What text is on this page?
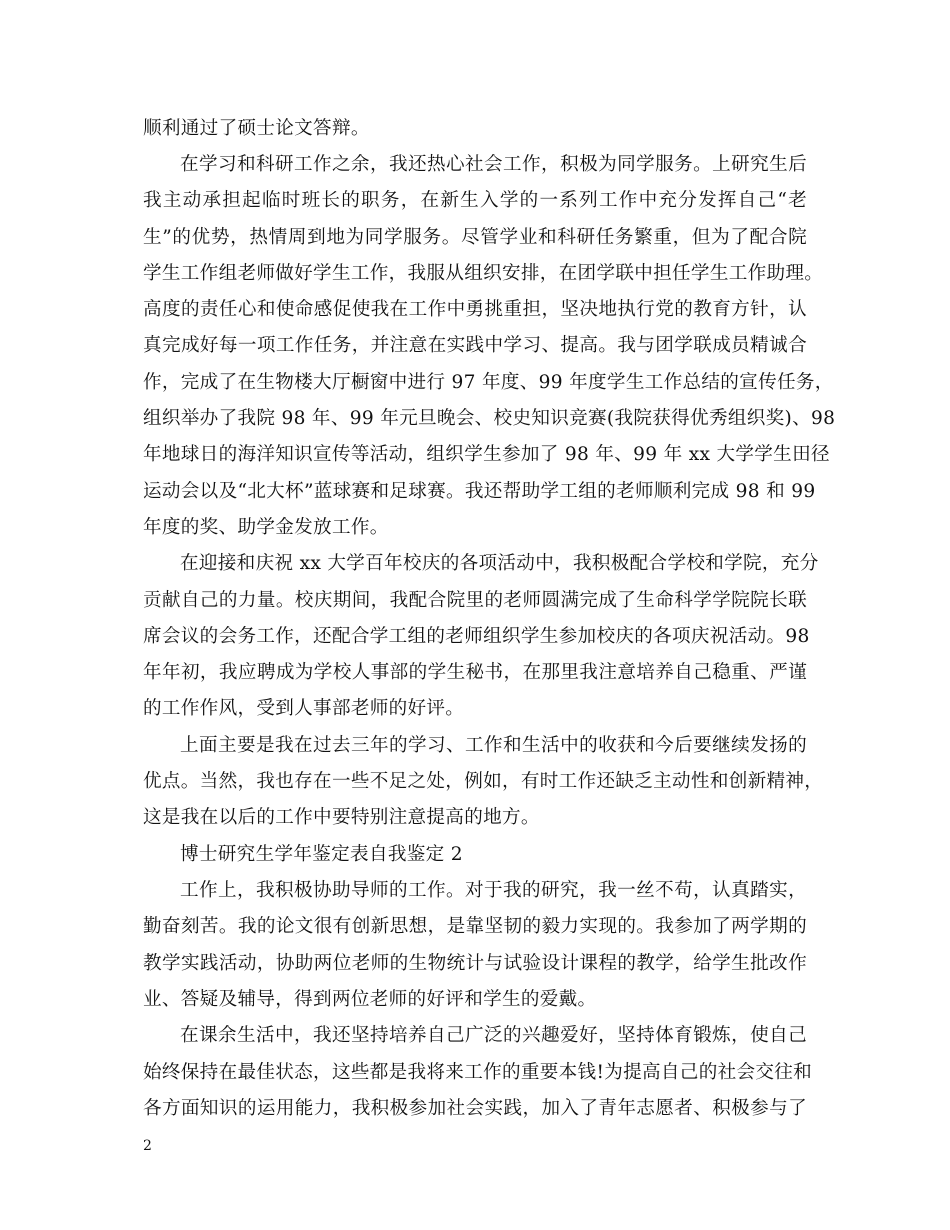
顺利通过了硕士论文答辩。
在学习和科研工作之余，我还热心社会工作，积极为同学服务。上研究生后
我主动承担起临时班长的职务，在新生入学的一系列工作中充分发挥自己“老
生”的优势，热情周到地为同学服务。尽管学业和科研任务繁重，但为了配合院
学生工作组老师做好学生工作，我服从组织安排，在团学联中担任学生工作助理。
高度的责任心和使命感促使我在工作中勇挑重担，坚决地执行党的教育方针，认
真完成好每一项工作任务，并注意在实践中学习、提高。我与团学联成员精诚合
作，完成了在生物楼大厅橱窗中进行 97 年度、99 年度学生工作总结的宣传任务，
组织举办了我院 98 年、99 年元旦晚会、校史知识竞赛(我院获得优秀组织奖)、98
年地球日的海洋知识宣传等活动，组织学生参加了 98 年、99 年 xx 大学学生田径
运动会以及“北大杯”蓝球赛和足球赛。我还帮助学工组的老师顺利完成 98 和 99
年度的奖、助学金发放工作。
在迎接和庆祝 xx 大学百年校庆的各项活动中，我积极配合学校和学院，充分
贡献自己的力量。校庆期间，我配合院里的老师圆满完成了生命科学学院院长联
席会议的会务工作，还配合学工组的老师组织学生参加校庆的各项庆祝活动。98
年年初，我应聘成为学校人事部的学生秘书，在那里我注意培养自己稳重、严谨
的工作作风，受到人事部老师的好评。
上面主要是我在过去三年的学习、工作和生活中的收获和今后要继续发扬的
优点。当然，我也存在一些不足之处，例如，有时工作还缺乏主动性和创新精神，
这是我在以后的工作中要特别注意提高的地方。
博士研究生学年鉴定表自我鉴定 2
工作上，我积极协助导师的工作。对于我的研究，我一丝不苟，认真踏实，
勤奋刻苦。我的论文很有创新思想，是靠坚韧的毅力实现的。我参加了两学期的
教学实践活动，协助两位老师的生物统计与试验设计课程的教学，给学生批改作
业、答疑及辅导，得到两位老师的好评和学生的爱戴。
在课余生活中，我还坚持培养自己广泛的兴趣爱好，坚持体育锻炼，使自己
始终保持在最佳状态，这些都是我将来工作的重要本钱!为提高自己的社会交往和
各方面知识的运用能力，我积极参加社会实践，加入了青年志愿者、积极参与了
2
